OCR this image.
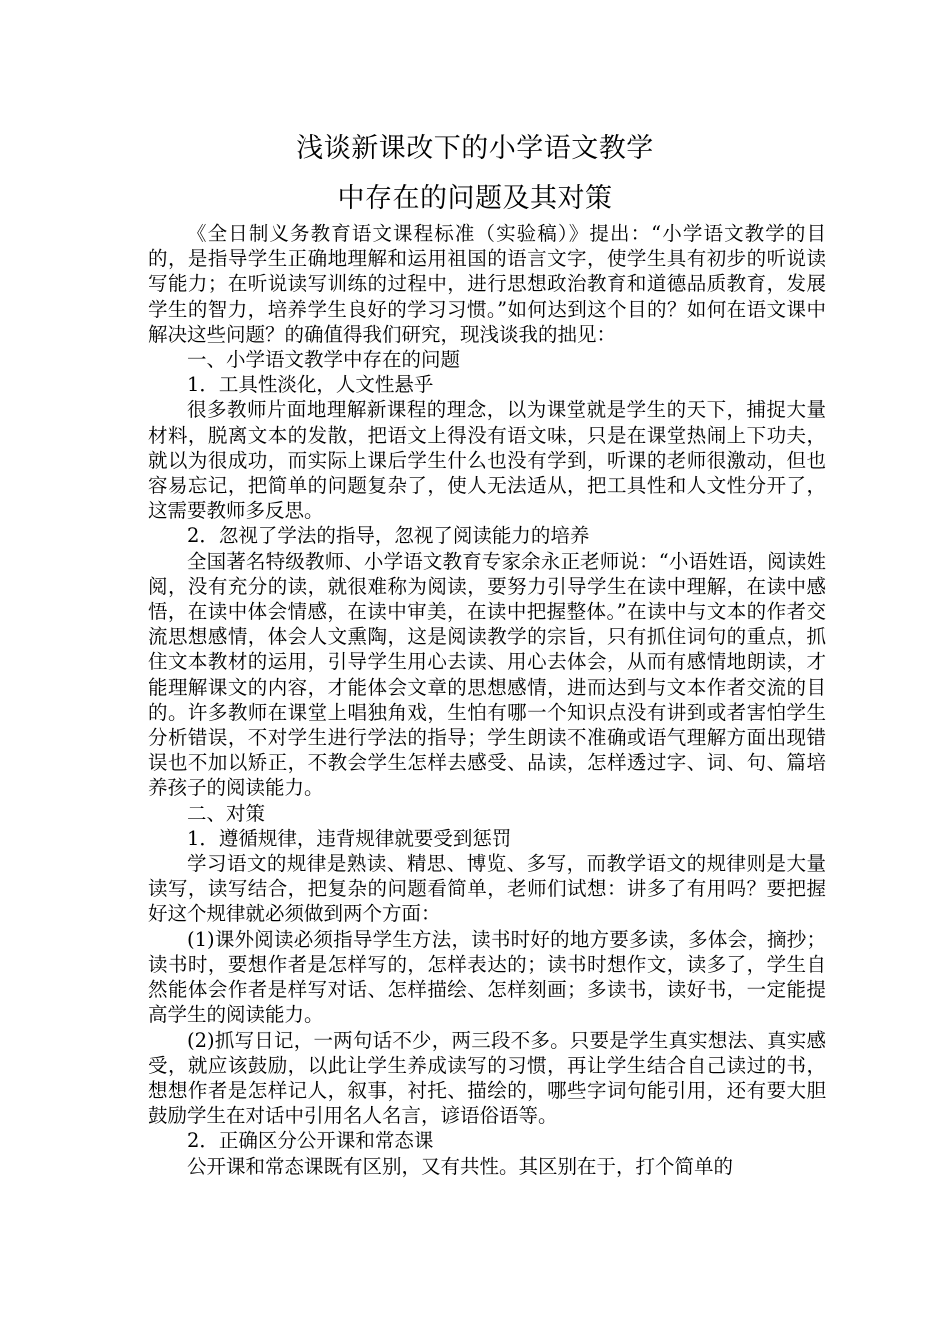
浅谈新课改下的小学语文教学
中存在的问题及其对策

《全日制义务教育语文课程标准（实验稿）》提出：“小学语文教学的目的，是指导学生正确地理解和运用祖国的语言文字，使学生具有初步的听说读写能力；在听说读写训练的过程中，进行思想政治教育和道德品质教育，发展学生的智力，培养学生良好的学习习惯。”如何达到这个目的？如何在语文课中解决这些问题？的确值得我们研究，现浅谈我的拙见：

一、小学语文教学中存在的问题

1．工具性淡化，人文性悬乎

很多教师片面地理解新课程的理念，以为课堂就是学生的天下，捕捉大量材料，脱离文本的发散，把语文上得没有语文味，只是在课堂热闹上下功夫，就以为很成功，而实际上课后学生什么也没有学到，听课的老师很激动，但也容易忘记，把简单的问题复杂了，使人无法适从，把工具性和人文性分开了，这需要教师多反思。

2．忽视了学法的指导，忽视了阅读能力的培养

全国著名特级教师、小学语文教育专家余永正老师说：“小语姓语，阅读姓阅，没有充分的读，就很难称为阅读，要努力引导学生在读中理解，在读中感悟，在读中体会情感，在读中审美，在读中把握整体。”在读中与文本的作者交流思想感情，体会人文熏陶，这是阅读教学的宗旨，只有抓住词句的重点，抓住文本教材的运用，引导学生用心去读、用心去体会，从而有感情地朗读，才能理解课文的内容，才能体会文章的思想感情，进而达到与文本作者交流的目的。许多教师在课堂上唱独角戏，生怕有哪一个知识点没有讲到或者害怕学生分析错误，不对学生进行学法的指导；学生朗读不准确或语气理解方面出现错误也不加以矫正，不教会学生怎样去感受、品读，怎样透过字、词、句、篇培养孩子的阅读能力。

二、对策

1．遵循规律，违背规律就要受到惩罚

学习语文的规律是熟读、精思、博览、多写，而教学语文的规律则是大量读写，读写结合，把复杂的问题看简单，老师们试想：讲多了有用吗？要把握好这个规律就必须做到两个方面：

(1)课外阅读必须指导学生方法，读书时好的地方要多读，多体会，摘抄；读书时，要想作者是怎样写的，怎样表达的；读书时想作文，读多了，学生自然能体会作者是样写对话、怎样描绘、怎样刻画；多读书，读好书，一定能提高学生的阅读能力。

(2)抓写日记，一两句话不少，两三段不多。只要是学生真实想法、真实感受，就应该鼓励，以此让学生养成读写的习惯，再让学生结合自己读过的书，想想作者是怎样记人，叙事，衬托、描绘的，哪些字词句能引用，还有要大胆鼓励学生在对话中引用名人名言，谚语俗语等。

2．正确区分公开课和常态课

公开课和常态课既有区别，又有共性。其区别在于，打个简单的
